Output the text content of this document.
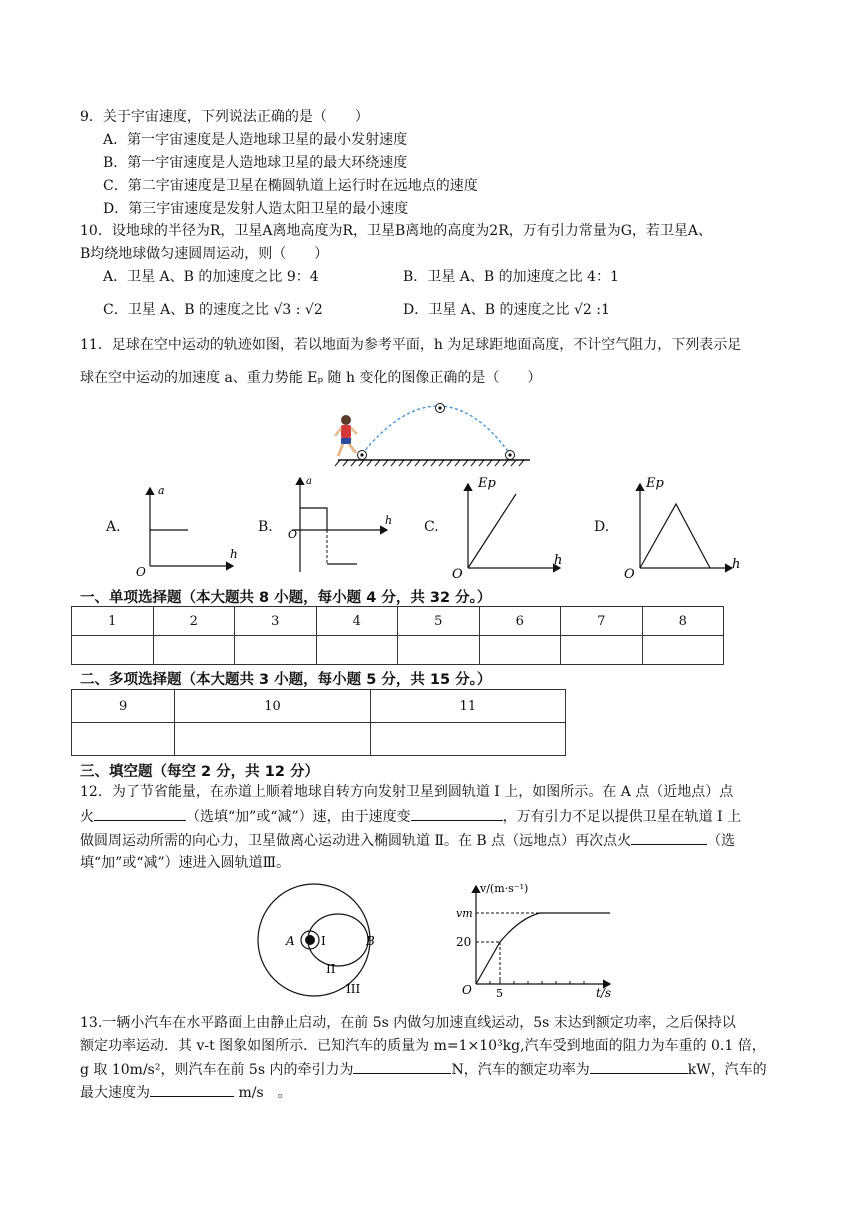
9．关于宇宙速度，下列说法正确的是（　　）
A．第一宇宙速度是人造地球卫星的最小发射速度
B．第一宇宙速度是人造地球卫星的最大环绕速度
C．第二宇宙速度是卫星在椭圆轨道上运行时在远地点的速度
D．第三宇宙速度是发射人造太阳卫星的最小速度
10．设地球的半径为R，卫星A离地高度为R，卫星B离地的高度为2R，万有引力常量为G，若卫星A、
B均绕地球做匀速圆周运动，则（　　）
A．卫星 A、B 的加速度之比 9：4	B．卫星 A、B 的加速度之比 4：1
C．卫星 A、B 的速度之比 √3 : √2	D．卫星 A、B 的速度之比 √2 :1
11．足球在空中运动的轨迹如图，若以地面为参考平面，h 为足球距地面高度，不计空气阻力，下列表示足
球在空中运动的加速度 a、重力势能 Eₚ 随 h 变化的图像正确的是（　　）
A.
a
h
O
B.
a
h
O	C.
Ep
h
O
D.
Ep
h
O
一、单项选择题（本大题共 8 小题，每小题 4 分，共 32 分。）
1	2	3	4	5	6	7	8

二、多项选择题（本大题共 3 小题，每小题 5 分，共 15 分。）
9	10	11

三、填空题（每空 2 分，共 12 分）
12．为了节省能量，在赤道上顺着地球自转方向发射卫星到圆轨道 Ⅰ 上，如图所示。在 A 点（近地点）点
火	（选填“加”或“减”）速，由于速度变	，万有引力不足以提供卫星在轨道 Ⅰ 上
做圆周运动所需的向心力，卫星做离心运动进入椭圆轨道 Ⅱ。在 B 点（远地点）再次点火	（选
填“加”或“减”）速进入圆轨道Ⅲ。
A	B
I
II
III
v/(m·s⁻¹)
vm
20
5	t/s
O
13.一辆小汽车在水平路面上由静止启动，在前 5s 内做匀加速直线运动，5s 末达到额定功率，之后保持以
额定功率运动．其 v-t 图象如图所示．已知汽车的质量为 m=1×10³kg,汽车受到地面的阻力为车重的 0.1 倍，
g 取 10m/s²，则汽车在前 5s 内的牵引力为	N，汽车的额定功率为	kW，汽车的
最大速度为	m/s　。
